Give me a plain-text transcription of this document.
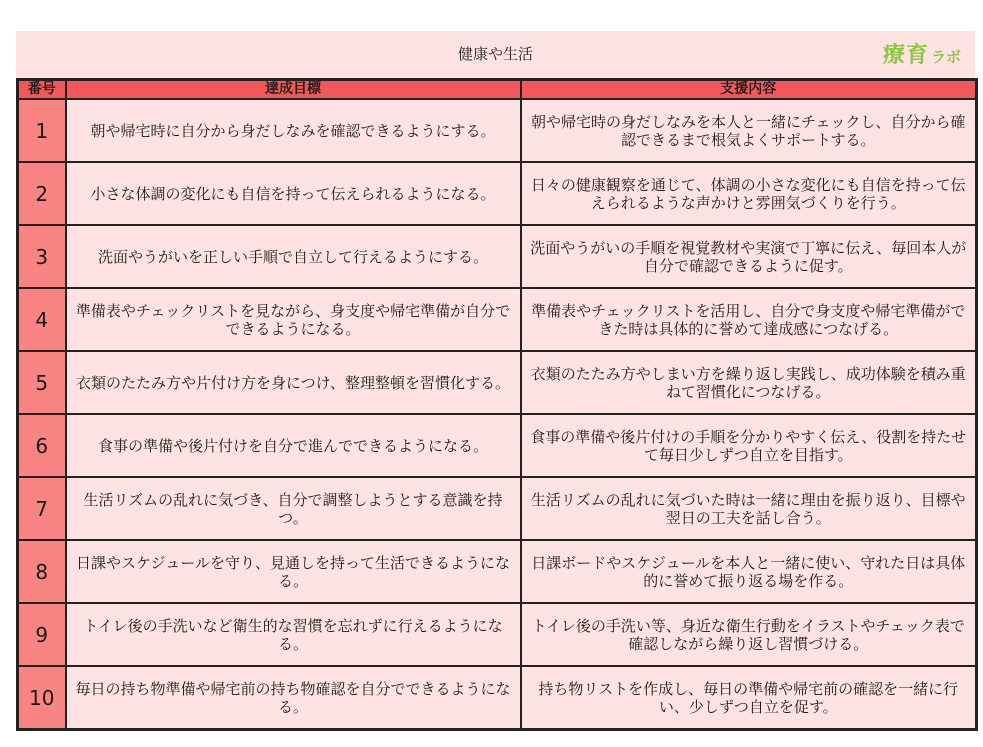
健康や生活	療育 ラボ
番号	達成目標	支援内容
1	朝や帰宅時に自分から身だしなみを確認できるようにする。	朝や帰宅時の身だしなみを本人と一緒にチェックし、自分から確認できるまで根気よくサポートする。
2	小さな体調の変化にも自信を持って伝えられるようになる。	日々の健康観察を通じて、体調の小さな変化にも自信を持って伝えられるような声かけと雰囲気づくりを行う。
3	洗面やうがいを正しい手順で自立して行えるようにする。	洗面やうがいの手順を視覚教材や実演で丁寧に伝え、毎回本人が自分で確認できるように促す。
4	準備表やチェックリストを見ながら、身支度や帰宅準備が自分でできるようになる。	準備表やチェックリストを活用し、自分で身支度や帰宅準備ができた時は具体的に誉めて達成感につなげる。
5	衣類のたたみ方や片付け方を身につけ、整理整頓を習慣化する。	衣類のたたみ方やしまい方を繰り返し実践し、成功体験を積み重ねて習慣化につなげる。
6	食事の準備や後片付けを自分で進んでできるようになる。	食事の準備や後片付けの手順を分かりやすく伝え、役割を持たせて毎日少しずつ自立を目指す。
7	生活リズムの乱れに気づき、自分で調整しようとする意識を持つ。	生活リズムの乱れに気づいた時は一緒に理由を振り返り、目標や翌日の工夫を話し合う。
8	日課やスケジュールを守り、見通しを持って生活できるようになる。	日課ボードやスケジュールを本人と一緒に使い、守れた日は具体的に誉めて振り返る場を作る。
9	トイレ後の手洗いなど衛生的な習慣を忘れずに行えるようになる。	トイレ後の手洗い等、身近な衛生行動をイラストやチェック表で確認しながら繰り返し習慣づける。
10	毎日の持ち物準備や帰宅前の持ち物確認を自分でできるようになる。	持ち物リストを作成し、毎日の準備や帰宅前の確認を一緒に行い、少しずつ自立を促す。
